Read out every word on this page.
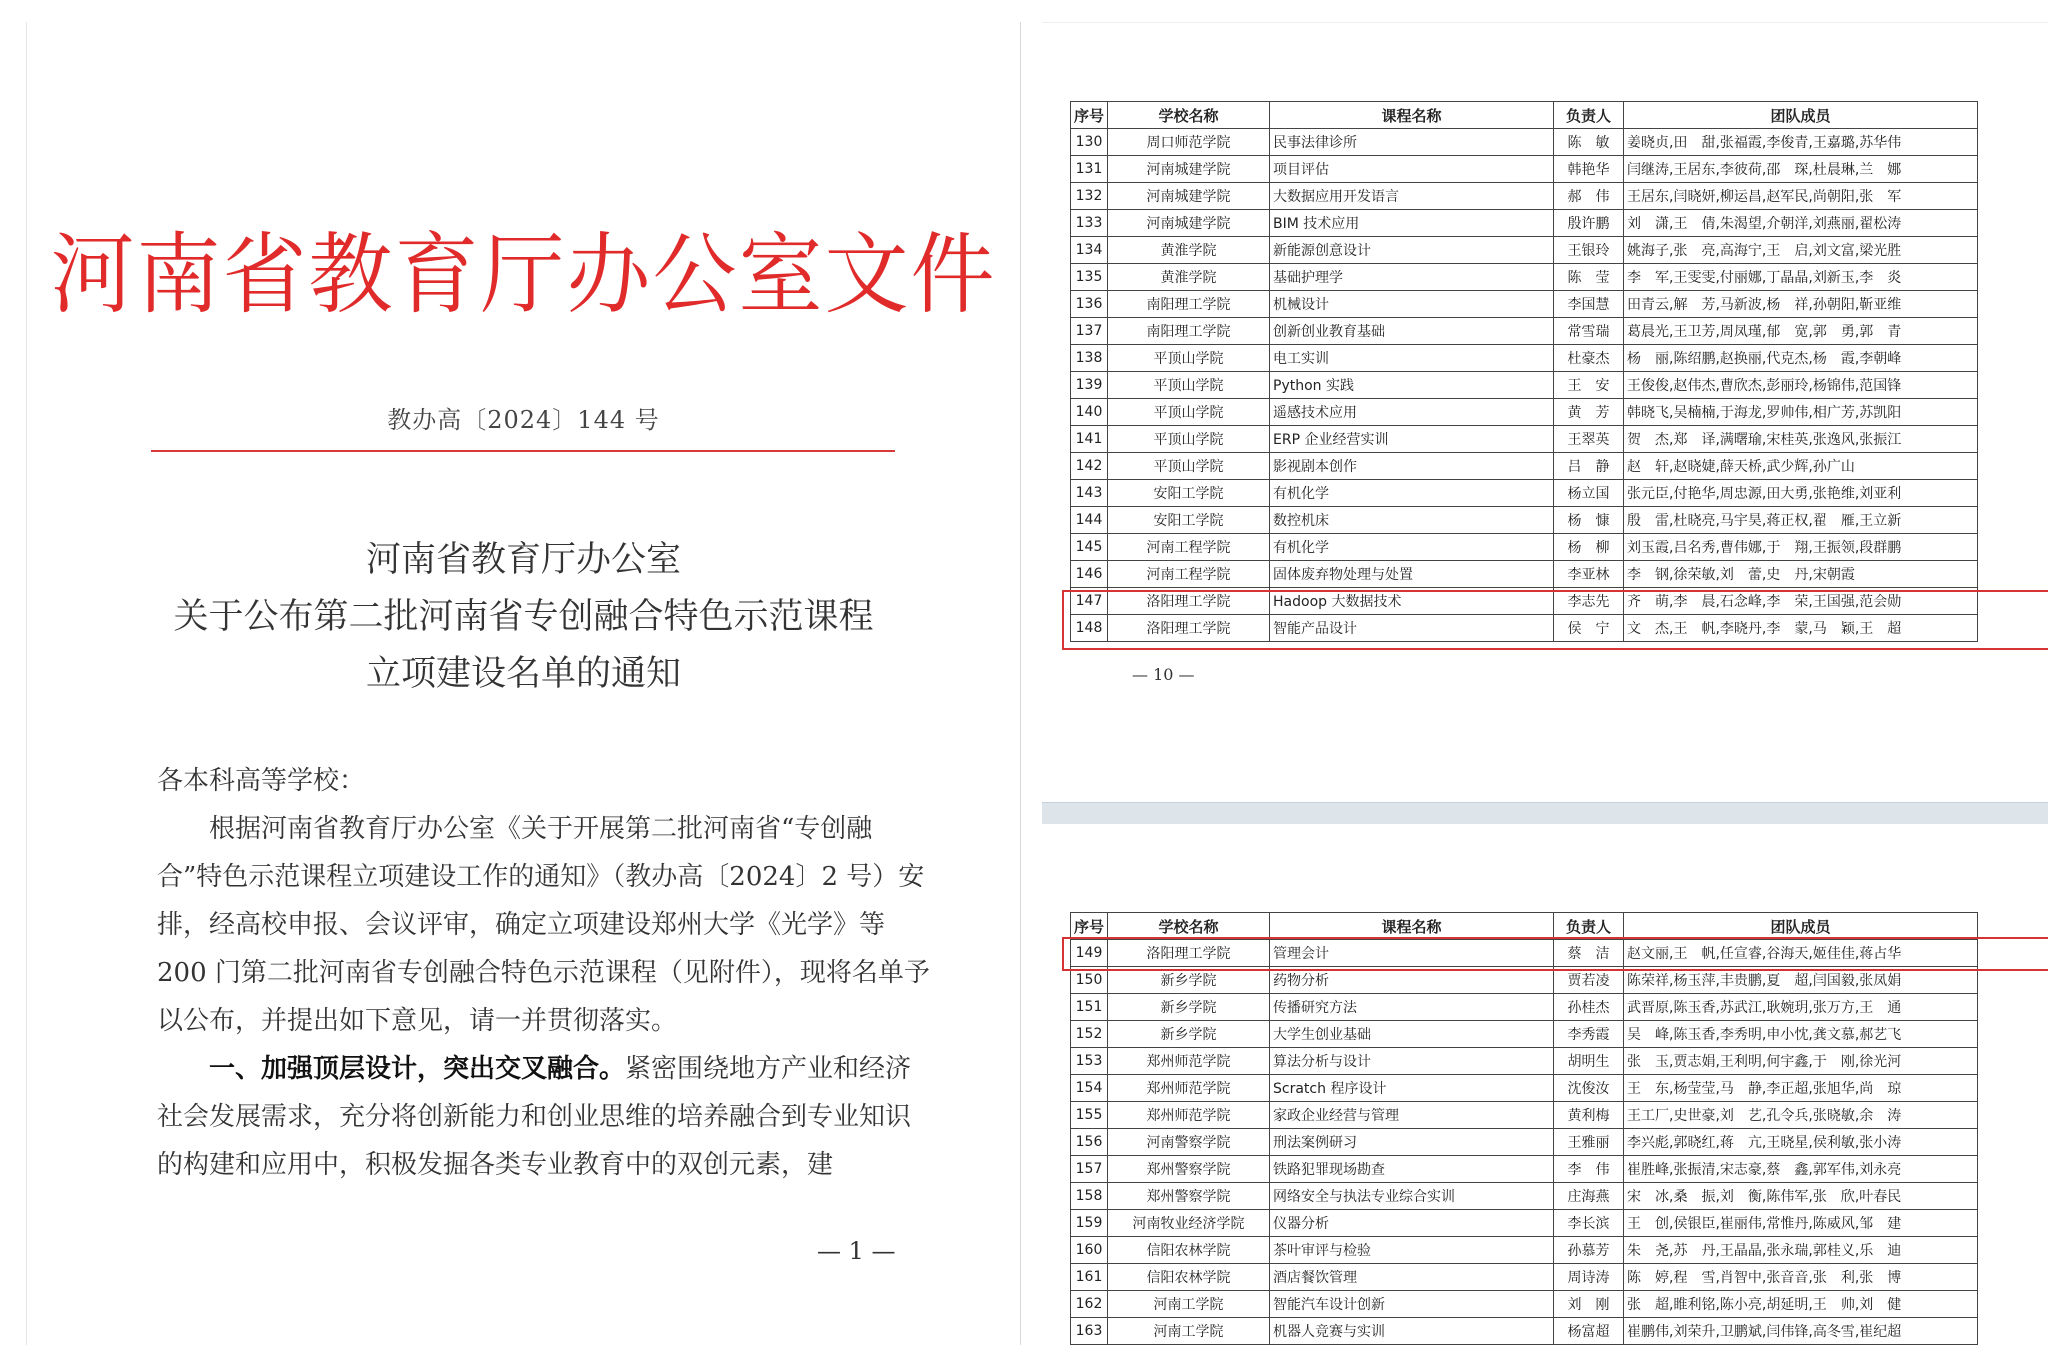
河南省教育厅办公室文件
教办高〔2024〕144 号
河南省教育厅办公室
关于公布第二批河南省专创融合特色示范课程
立项建设名单的通知

各本科高等学校：

根据河南省教育厅办公室《关于开展第二批河南省“专创融合”特色示范课程立项建设工作的通知》（教办高〔2024〕2 号）安排，经高校申报、会议评审，确定立项建设郑州大学《光学》等 200 门第二批河南省专创融合特色示范课程（见附件），现将名单予以公布，并提出如下意见，请一并贯彻落实。

一、加强顶层设计，突出交叉融合。紧密围绕地方产业和经济社会发展需求，充分将创新能力和创业思维的培养融合到专业知识的构建和应用中，积极发掘各类专业教育中的双创元素，建

— 1 —
序号	学校名称	课程名称	负责人	团队成员
130	周口师范学院	民事法律诊所	陈　敏	姜晓贞,田　甜,张福霞,李俊青,王嘉璐,苏华伟
131	河南城建学院	项目评估	韩艳华	闫继涛,王居东,李彼荷,邵　琛,杜晨琳,兰　娜
132	河南城建学院	大数据应用开发语言	郝　伟	王居东,闫晓妍,柳运昌,赵军民,尚朝阳,张　军
133	河南城建学院	BIM 技术应用	殷许鹏	刘　潇,王　倩,朱渴望,介朝洋,刘燕丽,翟松涛
134	黄淮学院	新能源创意设计	王银玲	姚海子,张　亮,高海宁,王　启,刘文富,梁光胜
135	黄淮学院	基础护理学	陈　莹	李　军,王雯雯,付丽娜,丁晶晶,刘新玉,李　炎
136	南阳理工学院	机械设计	李国慧	田青云,解　芳,马新波,杨　祥,孙朝阳,靳亚维
137	南阳理工学院	创新创业教育基础	常雪瑞	葛晨光,王卫芳,周凤瑾,郁　宽,郭　勇,郭　青
138	平顶山学院	电工实训	杜豪杰	杨　丽,陈绍鹏,赵换丽,代克杰,杨　霞,李朝峰
139	平顶山学院	Python 实践	王　安	王俊俊,赵伟杰,曹欣杰,彭丽玲,杨锦伟,范国锋
140	平顶山学院	遥感技术应用	黄　芳	韩晓飞,吴楠楠,于海龙,罗帅伟,相广芳,苏凯阳
141	平顶山学院	ERP 企业经营实训	王翠英	贺　杰,郑　译,满曙瑜,宋桂英,张逸风,张振江
142	平顶山学院	影视剧本创作	吕　静	赵　轩,赵晓婕,薛天桥,武少辉,孙广山
143	安阳工学院	有机化学	杨立国	张元臣,付艳华,周忠源,田大勇,张艳维,刘亚利
144	安阳工学院	数控机床	杨　慷	殷　雷,杜晓亮,马宇昊,蒋正权,翟　雁,王立新
145	河南工程学院	有机化学	杨　柳	刘玉霞,吕名秀,曹伟娜,于　翔,王振领,段群鹏
146	河南工程学院	固体废弃物处理与处置	李亚林	李　钢,徐荣敏,刘　蕾,史　丹,宋朝霞
147	洛阳理工学院	Hadoop 大数据技术	李志先	齐　萌,李　晨,石念峰,李　荣,王国强,范会勋
148	洛阳理工学院	智能产品设计	侯　宁	文　杰,王　帆,李晓丹,李　蒙,马　颖,王　超
— 10 —
序号	学校名称	课程名称	负责人	团队成员
149	洛阳理工学院	管理会计	蔡　洁	赵文丽,王　帆,任宣睿,谷海天,姬佳佳,蒋占华
150	新乡学院	药物分析	贾若凌	陈荣祥,杨玉萍,丰贵鹏,夏　超,闫国毅,张凤娟
151	新乡学院	传播研究方法	孙桂杰	武晋原,陈玉香,苏武江,耿婉玥,张万方,王　通
152	新乡学院	大学生创业基础	李秀霞	吴　峰,陈玉香,李秀明,申小忱,龚文慕,郝艺飞
153	郑州师范学院	算法分析与设计	胡明生	张　玉,贾志娟,王利明,何宇鑫,于　刚,徐光河
154	郑州师范学院	Scratch 程序设计	沈俊汝	王　东,杨莹莹,马　静,李正超,张旭华,尚　琼
155	郑州师范学院	家政企业经营与管理	黄利梅	王工厂,史世豪,刘　艺,孔令兵,张晓敏,余　涛
156	河南警察学院	刑法案例研习	王雅丽	李兴彪,郭晓红,蒋　亢,王晓星,侯利敏,张小涛
157	郑州警察学院	铁路犯罪现场勘查	李　伟	崔胜峰,张振清,宋志豪,蔡　鑫,郭军伟,刘永亮
158	郑州警察学院	网络安全与执法专业综合实训	庄海燕	宋　冰,桑　振,刘　衡,陈伟军,张　欣,叶春民
159	河南牧业经济学院	仪器分析	李长滨	王　创,侯银臣,崔丽伟,常惟丹,陈威风,邹　建
160	信阳农林学院	茶叶审评与检验	孙慕芳	朱　尧,苏　丹,王晶晶,张永瑞,郭桂义,乐　迪
161	信阳农林学院	酒店餐饮管理	周诗涛	陈　婷,程　雪,肖智中,张音音,张　利,张　博
162	河南工学院	智能汽车设计创新	刘　刚	张　超,睢利铭,陈小亮,胡延明,王　帅,刘　健
163	河南工学院	机器人竞赛与实训	杨富超	崔鹏伟,刘荣升,卫鹏斌,闫伟锋,高冬雪,崔纪超
